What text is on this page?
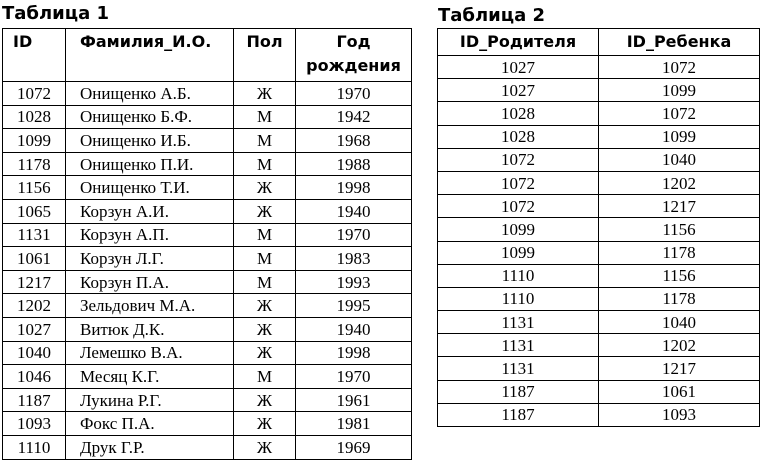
Таблица 1
ID	Фамилия_И.О.	Пол	Год рождения
1072	Онищенко А.Б.	Ж	1970
1028	Онищенко Б.Ф.	М	1942
1099	Онищенко И.Б.	М	1968
1178	Онищенко П.И.	М	1988
1156	Онищенко Т.И.	Ж	1998
1065	Корзун А.И.	Ж	1940
1131	Корзун А.П.	М	1970
1061	Корзун Л.Г.	М	1983
1217	Корзун П.А.	М	1993
1202	Зельдович М.А.	Ж	1995
1027	Витюк Д.К.	Ж	1940
1040	Лемешко В.А.	Ж	1998
1046	Месяц К.Г.	М	1970
1187	Лукина Р.Г.	Ж	1961
1093	Фокс П.А.	Ж	1981
1110	Друк Г.Р.	Ж	1969
Таблица 2
ID_Родителя	ID_Ребенка
1027	1072
1027	1099
1028	1072
1028	1099
1072	1040
1072	1202
1072	1217
1099	1156
1099	1178
1110	1156
1110	1178
1131	1040
1131	1202
1131	1217
1187	1061
1187	1093
